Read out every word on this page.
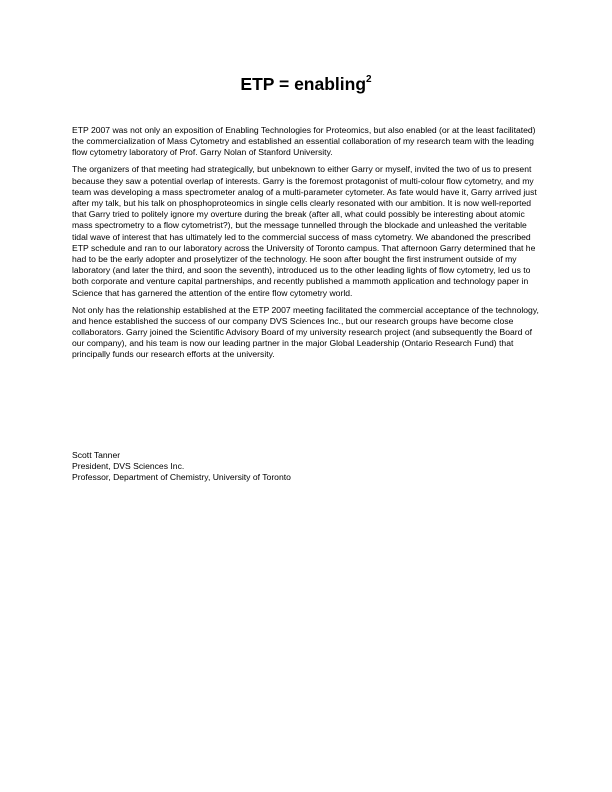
ETP = enabling$^2$

ETP 2007 was not only an exposition of Enabling Technologies for Proteomics, but also enabled (or at the least facilitated) the commercialization of Mass Cytometry and established an essential collaboration of my research team with the leading flow cytometry laboratory of Prof. Garry Nolan of Stanford University.

The organizers of that meeting had strategically, but unbeknown to either Garry or myself, invited the two of us to present because they saw a potential overlap of interests. Garry is the foremost protagonist of multi-colour flow cytometry, and my team was developing a mass spectrometer analog of a multi-parameter cytometer. As fate would have it, Garry arrived just after my talk, but his talk on phosphoproteomics in single cells clearly resonated with our ambition. It is now well-reported that Garry tried to politely ignore my overture during the break (after all, what could possibly be interesting about atomic mass spectrometry to a flow cytometrist?), but the message tunnelled through the blockade and unleashed the veritable tidal wave of interest that has ultimately led to the commercial success of mass cytometry. We abandoned the prescribed ETP schedule and ran to our laboratory across the University of Toronto campus. That afternoon Garry determined that he had to be the early adopter and proselytizer of the technology. He soon after bought the first instrument outside of my laboratory (and later the third, and soon the seventh), introduced us to the other leading lights of flow cytometry, led us to both corporate and venture capital partnerships, and recently published a mammoth application and technology paper in Science that has garnered the attention of the entire flow cytometry world.

Not only has the relationship established at the ETP 2007 meeting facilitated the commercial acceptance of the technology, and hence established the success of our company DVS Sciences Inc., but our research groups have become close collaborators. Garry joined the Scientific Advisory Board of my university research project (and subsequently the Board of our company), and his team is now our leading partner in the major Global Leadership (Ontario Research Fund) that principally funds our research efforts at the university.

Scott Tanner
President, DVS Sciences Inc.
Professor, Department of Chemistry, University of Toronto
